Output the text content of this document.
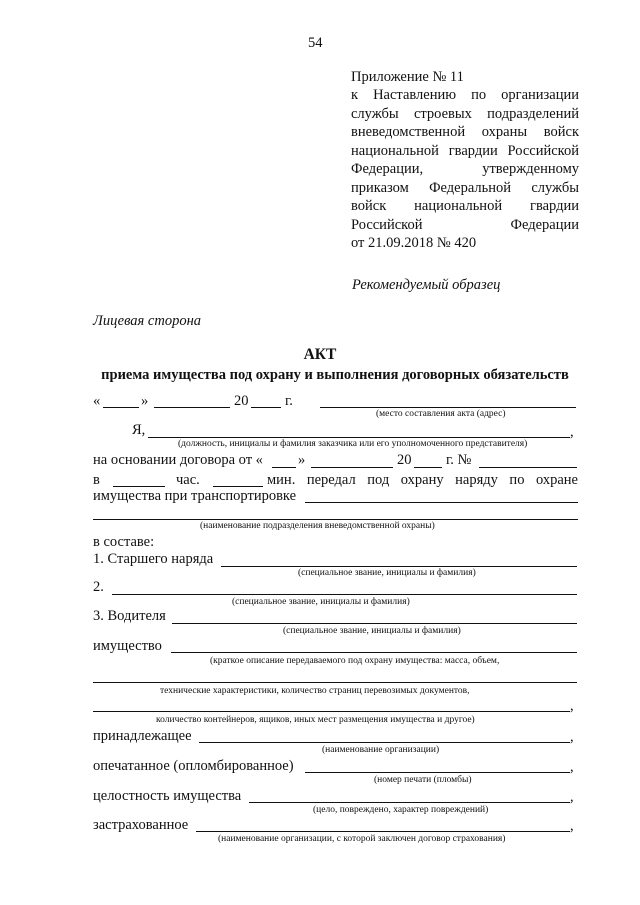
54
Приложение № 11
к Наставлению по организации
службы строевых подразделений
вневедомственной охраны войск
национальной гвардии Российской
Федерации, утвержденному
приказом Федеральной службы
войск национальной гвардии
Российской Федерации
от 21.09.2018 № 420
Рекомендуемый образец
Лицевая сторона
АКТ
приема имущества под охрану и выполнения договорных обязательств
«	»	20	г.
(место составления акта (адрес)
Я,	,
(должность, инициалы и фамилия заказчика или его уполномоченного представителя)
на основании договора от « »	20 г. №
в	час.	мин. передал под охрану наряду по охране
имущества при транспортировке
(наименование подразделения вневедомственной охраны)
в составе:
1. Старшего наряда
(специальное звание, инициалы и фамилия)
2.
(специальное звание, инициалы и фамилия)
3. Водителя
(специальное звание, инициалы и фамилия)
имущество
(краткое описание передаваемого под охрану имущества: масса, объем,
технические характеристики, количество страниц перевозимых документов,
,
количество контейнеров, ящиков, иных мест размещения имущества и другое)
принадлежащее	,
(наименование организации)
опечатанное (опломбированное)	,
(номер печати (пломбы)
целостность имущества	,
(цело, повреждено, характер повреждений)
застрахованное	,
(наименование организации, с которой заключен договор страхования)
